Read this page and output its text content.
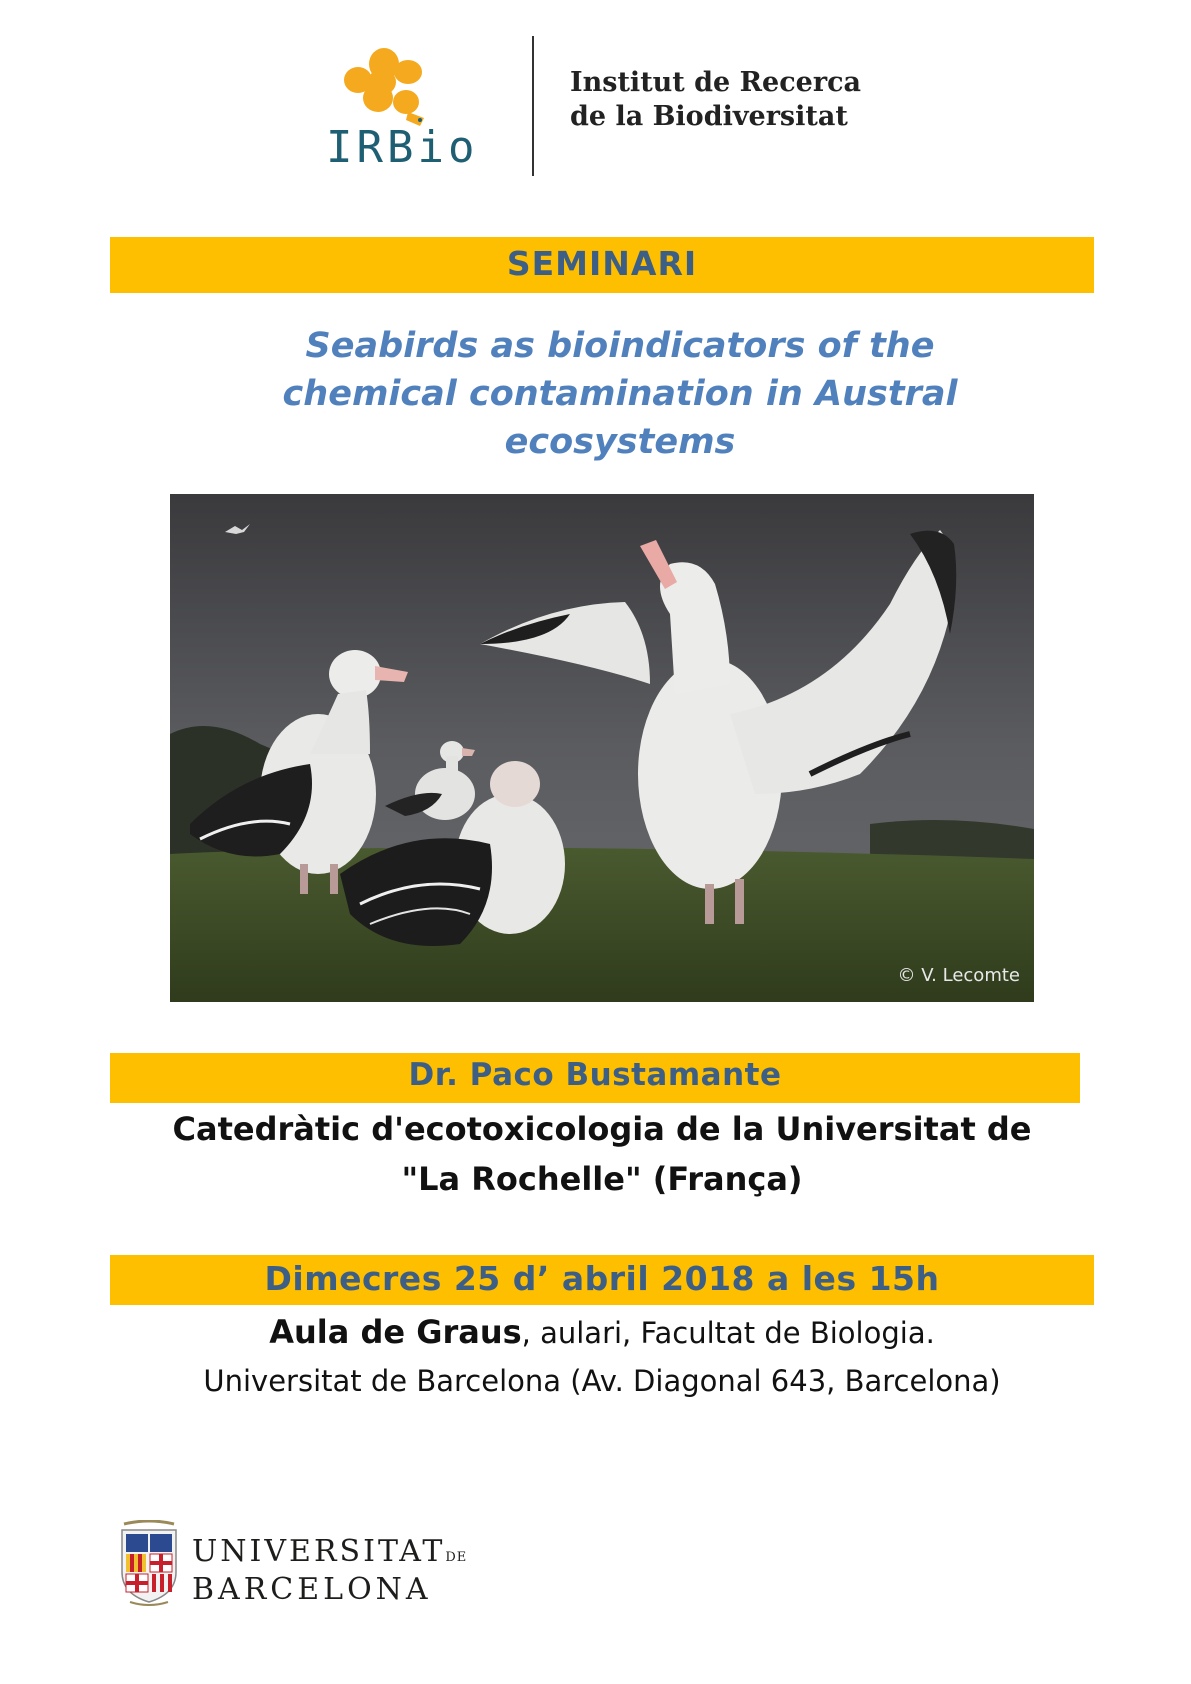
IRBio
Institut de Recerca
de la Biodiversitat
SEMINARI
Seabirds as bioindicators of the
chemical contamination in Austral
ecosystems
© V. Lecomte
Dr. Paco Bustamante
Catedràtic d'ecotoxicologia de la Universitat de
"La Rochelle" (França)
Dimecres 25 d’ abril 2018 a les 15h
Aula de Graus, aulari, Facultat de Biologia.
Universitat de Barcelona (Av. Diagonal 643, Barcelona)
UNIVERSITATDE
BARCELONA
